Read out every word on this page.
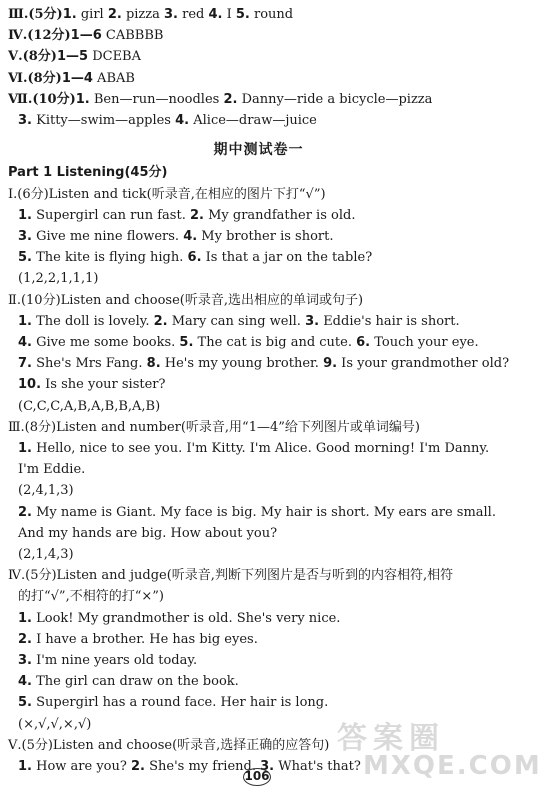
Ⅲ.(5分)1. girl 2. pizza 3. red 4. I 5. round
Ⅳ.(12分)1—6 CABBBB
Ⅴ.(8分)1—5 DCEBA
Ⅵ.(8分)1—4 ABAB
Ⅶ.(10分)1. Ben—run—noodles 2. Danny—ride a bicycle—pizza
3. Kitty—swim—apples 4. Alice—draw—juice
期中测试卷一
Part 1 Listening(45分)
Ⅰ.(6分)Listen and tick(听录音,在相应的图片下打“√”)
1. Supergirl can run fast. 2. My grandfather is old.
3. Give me nine flowers. 4. My brother is short.
5. The kite is flying high. 6. Is that a jar on the table?
(1,2,2,1,1,1)
Ⅱ.(10分)Listen and choose(听录音,选出相应的单词或句子)
1. The doll is lovely. 2. Mary can sing well. 3. Eddie's hair is short.
4. Give me some books. 5. The cat is big and cute. 6. Touch your eye.
7. She's Mrs Fang. 8. He's my young brother. 9. Is your grandmother old?
10. Is she your sister?
(C,C,C,A,B,A,B,B,A,B)
Ⅲ.(8分)Listen and number(听录音,用“1—4”给下列图片或单词编号)
1. Hello, nice to see you. I'm Kitty. I'm Alice. Good morning! I'm Danny.
I'm Eddie.
(2,4,1,3)
2. My name is Giant. My face is big. My hair is short. My ears are small.
And my hands are big. How about you?
(2,1,4,3)
Ⅳ.(5分)Listen and judge(听录音,判断下列图片是否与听到的内容相符,相符
的打“√”,不相符的打“×”)
1. Look! My grandmother is old. She's very nice.
2. I have a brother. He has big eyes.
3. I'm nine years old today.
4. The girl can draw on the book.
5. Supergirl has a round face. Her hair is long.
(×,√,√,×,√)
Ⅴ.(5分)Listen and choose(听录音,选择正确的应答句)
1. How are you? 2. She's my friend. 3. What's that?
106
答案圈
MXQE.COM
